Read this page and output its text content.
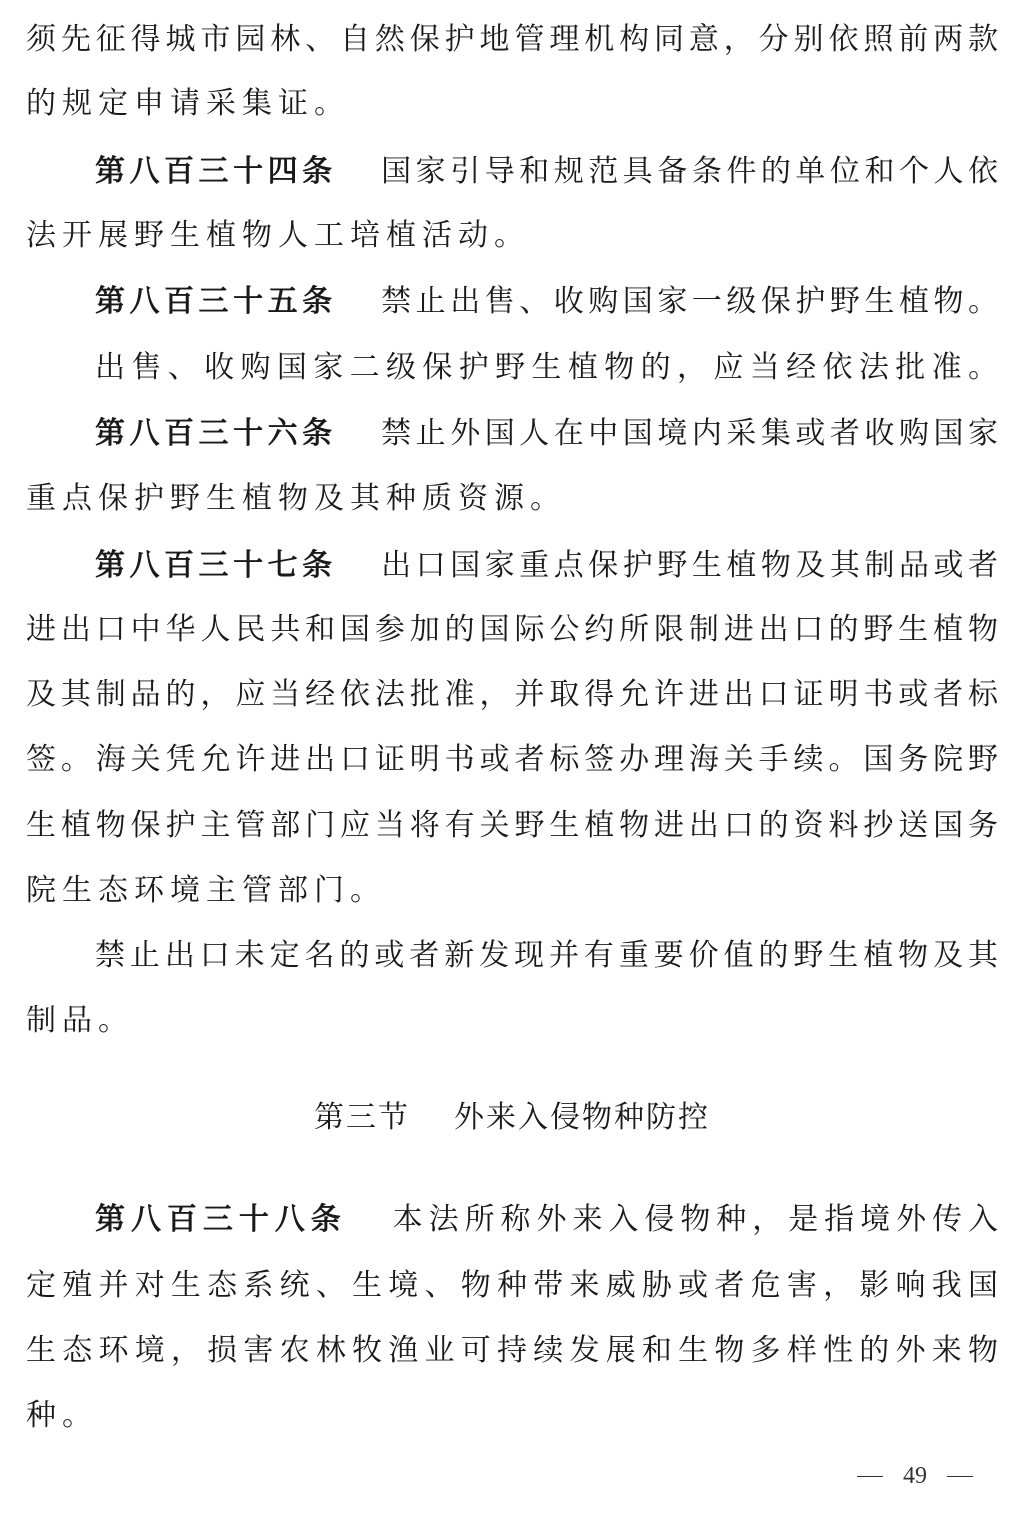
须先征得城市园林、自然保护地管理机构同意，分别依照前两款
的规定申请采集证。
第八百三十四条 国家引导和规范具备条件的单位和个人依
法开展野生植物人工培植活动。
第八百三十五条 禁止出售、收购国家一级保护野生植物。
出售、收购国家二级保护野生植物的，应当经依法批准。
第八百三十六条 禁止外国人在中国境内采集或者收购国家
重点保护野生植物及其种质资源。
第八百三十七条 出口国家重点保护野生植物及其制品或者
进出口中华人民共和国参加的国际公约所限制进出口的野生植物
及其制品的，应当经依法批准，并取得允许进出口证明书或者标
签。海关凭允许进出口证明书或者标签办理海关手续。国务院野
生植物保护主管部门应当将有关野生植物进出口的资料抄送国务
院生态环境主管部门。
禁止出口未定名的或者新发现并有重要价值的野生植物及其
制品。
第三节 外来入侵物种防控
第八百三十八条 本法所称外来入侵物种，是指境外传入
定殖并对生态系统、生境、物种带来威胁或者危害，影响我国
生态环境，损害农林牧渔业可持续发展和生物多样性的外来物
种。
49
